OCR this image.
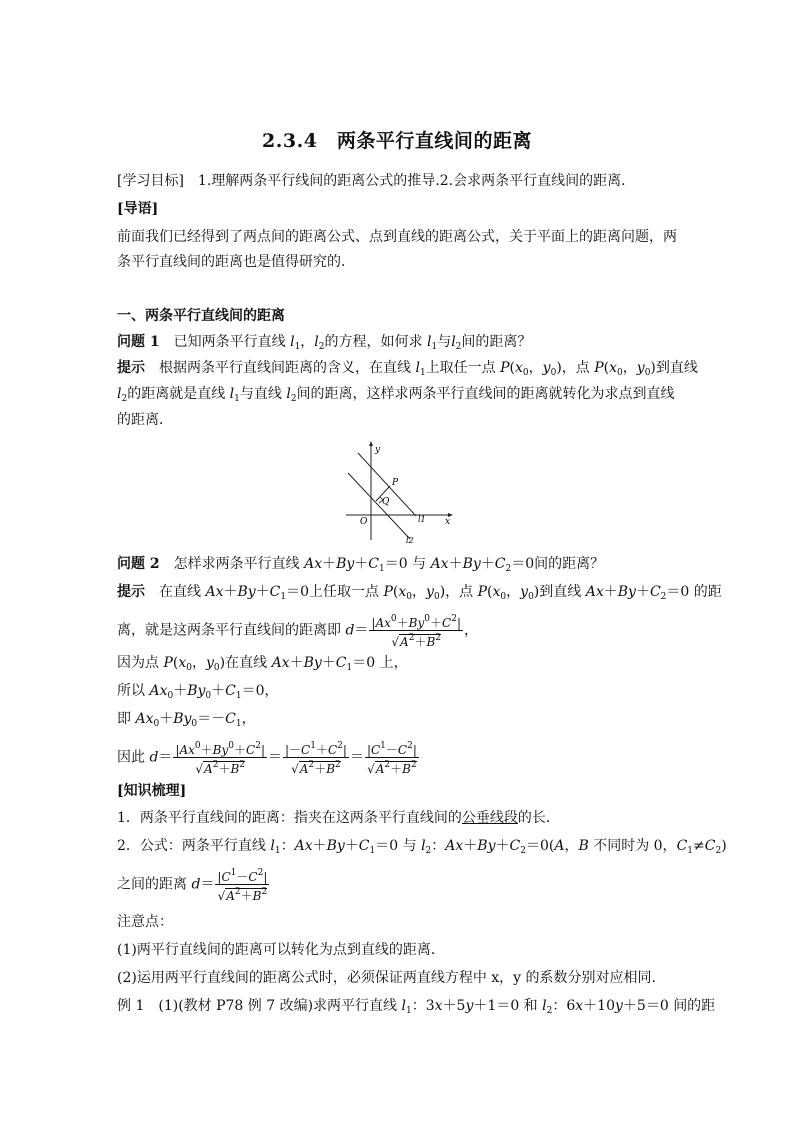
2.3.4　两条平行直线间的距离
[学习目标]　1.理解两条平行线间的距离公式的推导.2.会求两条平行直线间的距离．
[导语]
前面我们已经得到了两点间的距离公式、点到直线的距离公式，关于平面上的距离问题，两
条平行直线间的距离也是值得研究的．
一、两条平行直线间的距离
问题 1　已知两条平行直线 $l_1$，$l_2$的方程，如何求 $l_1$与$l_2$间的距离？
提示　根据两条平行直线间距离的含义，在直线 $l_1$上取任一点 $P(x_0$，$y_0$)，点 $P(x_0$，$y_0$)到直线
$l_2$的距离就是直线 $l_1$与直线 $l_2$间的距离，这样求两条平行直线间的距离就转化为求点到直线
的距离．
y
x
O
P
Q
l1
l2
问题 2　怎样求两条平行直线 $Ax+By+C_1=0$ 与 $Ax+By+C_2=0$间的距离？
提示　在直线 $Ax+By+C_1=0$上任取一点 $P(x_0$，$y_0$)，点 $P(x_0$，$y_0$)到直线 $Ax+By+C_2=0$ 的距
离，就是这两条平行直线间的距离即 $d= \frac{|Ax^0+By^0+C^2|}{√A^2+B^2}$ ，
因为点 $P(x_0$，$y_0$)在直线 $Ax+By+C_1=0$ 上，
所以 $Ax_0+By_0+C_1=0$，
即 $Ax_0+By_0=-C_1$，
因此 $d= \frac{|Ax^0+By^0+C^2|}{√A^2+B^2} = \frac{|-C^1+C^2|}{√A^2+B^2} = \frac{|C^1-C^2|}{√A^2+B^2}$
[知识梳理]
1．两条平行直线间的距离：指夹在这两条平行直线间的公垂线段的长．
2．公式：两条平行直线 $l_1$：$Ax+By+C_1=0$ 与 $l_2$：$Ax+By+C_2=0(A$，B 不同时为 0，$C_1\ne C_2$)
之间的距离 $d= \frac{|C^1-C^2|}{√A^2+B^2}$
注意点：
(1)两平行直线间的距离可以转化为点到直线的距离．
(2)运用两平行直线间的距离公式时，必须保证两直线方程中 x，y 的系数分别对应相同．
例 1　(1)(教材 P78 例 7 改编)求两平行直线 $l_1$：3x＋5y＋1＝0 和 $l_2$：6x＋10y＋5＝0 间的距
